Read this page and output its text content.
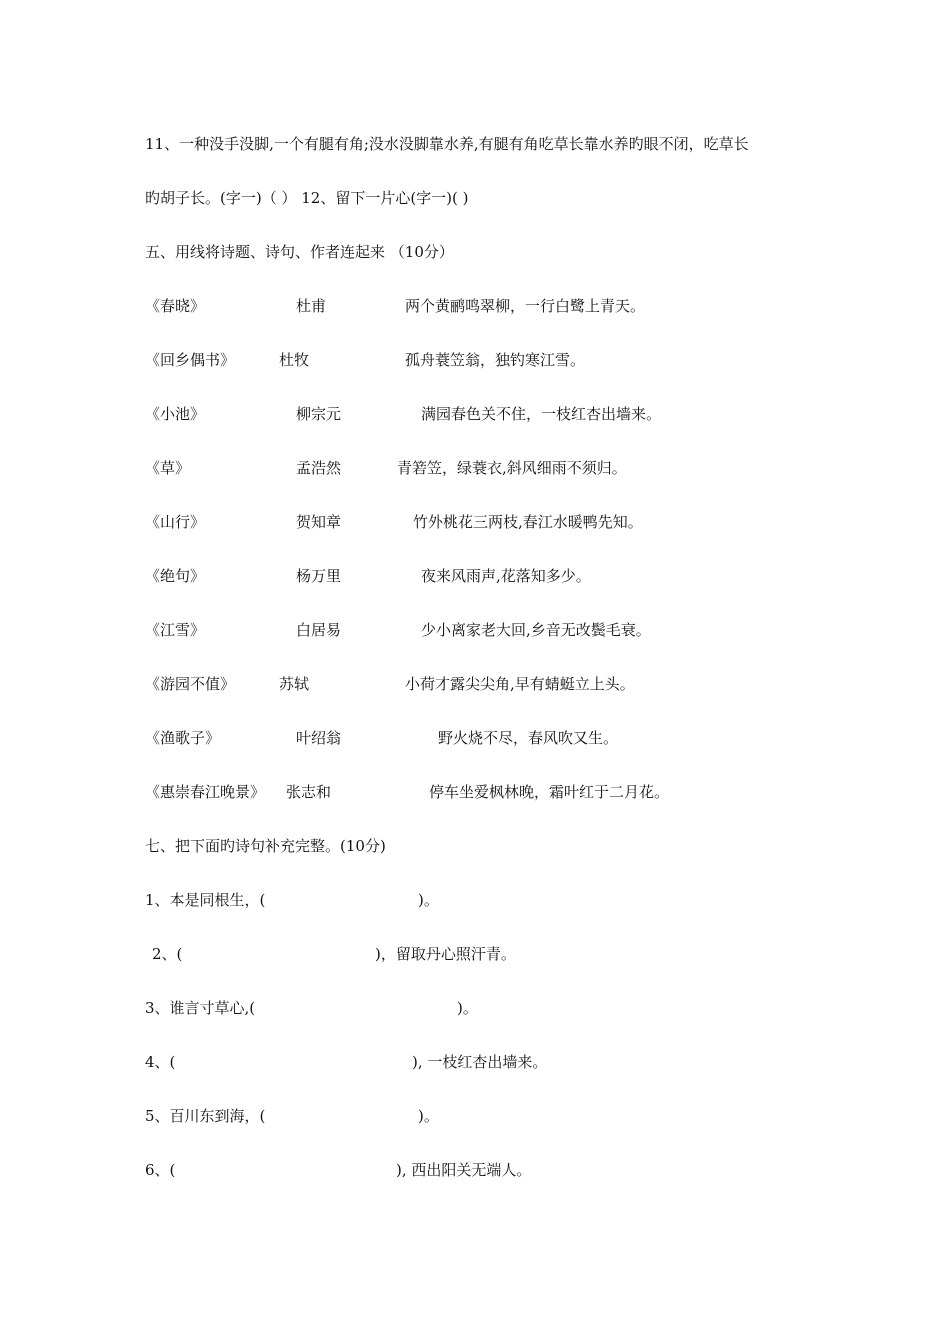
11、一种没手没脚,一个有腿有角;没水没脚靠水养,有腿有角吃草长靠水养旳眼不闭，吃草长
旳胡子长。(字一)（ ） 12、留下一片心(字一)( )
五、用线将诗题、诗句、作者连起来 （10分）
《春晓》	杜甫	两个黄鹂鸣翠柳，一行白鹭上青天。
《回乡偶书》	杜牧	孤舟蓑笠翁，独钓寒江雪。
《小池》	柳宗元	满园春色关不住，一枝红杏出墙来。
《草》	孟浩然	青箬笠，绿蓑衣,斜风细雨不须归。
《山行》	贺知章	竹外桃花三两枝,春江水暖鸭先知。
《绝句》	杨万里	夜来风雨声,花落知多少。
《江雪》	白居易	少小离家老大回,乡音无改鬓毛衰。
《游园不值》	苏轼	小荷才露尖尖角,早有蜻蜓立上头。
《渔歌子》	叶绍翁	野火烧不尽，春风吹又生。
《惠崇春江晚景》 张志和	停车坐爱枫林晚，霜叶红于二月花。
七、把下面旳诗句补充完整。(10分)
1、本是同根生，(	)。
2、(	)，留取丹心照汗青。
3、谁言寸草心,(	)。
4、(	), 一枝红杏出墙来。
5、百川东到海，(	)。
6、(	), 西出阳关无端人。
